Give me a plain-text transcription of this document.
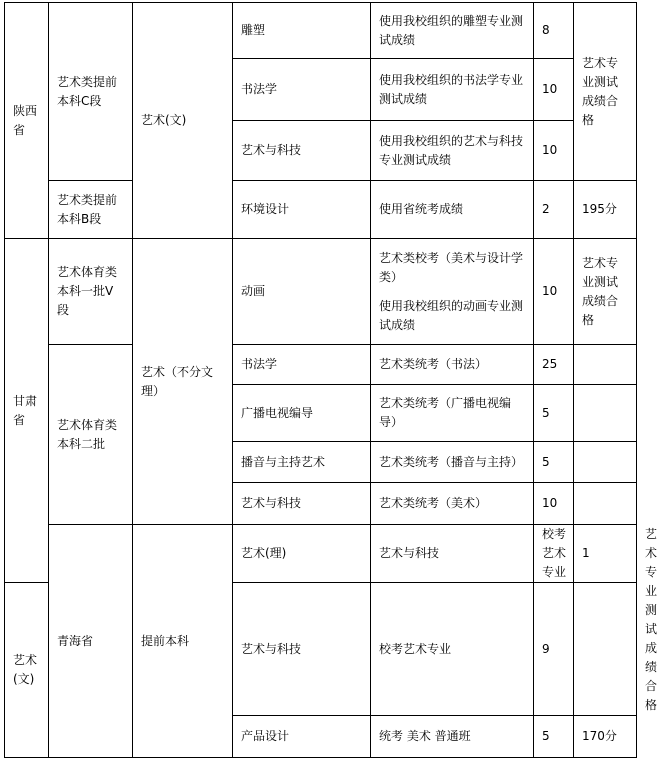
陕西省	艺术类提前本科C段	艺术(文)	雕塑	使用我校组织的雕塑专业测试成绩	8	艺术专业测试成绩合格	
			书法学	使用我校组织的书法学专业测试成绩	10		
			艺术与科技	使用我校组织的艺术与科技专业测试成绩	10		
	艺术类提前本科B段		环境设计	使用省统考成绩	2	195分	
甘肃省	艺术体育类本科一批V段	艺术（不分文理）	动画	艺术类校考（美术与设计学类）
使用我校组织的动画专业测试成绩	10	艺术专业测试成绩合格	
	艺术体育类本科二批		书法学	艺术类统考（书法）	25		
			广播电视编导	艺术类统考（广播电视编导）	5		
			播音与主持艺术	艺术类统考（播音与主持）	5		
			艺术与科技	艺术类统考（美术）	10		
	青海省	提前本科	艺术(理)	艺术与科技	校考艺术专业	1	艺术专业测试成绩合格
艺术(文)			艺术与科技	校考艺术专业	9		
			产品设计	统考 美术 普通班	5	170分	
